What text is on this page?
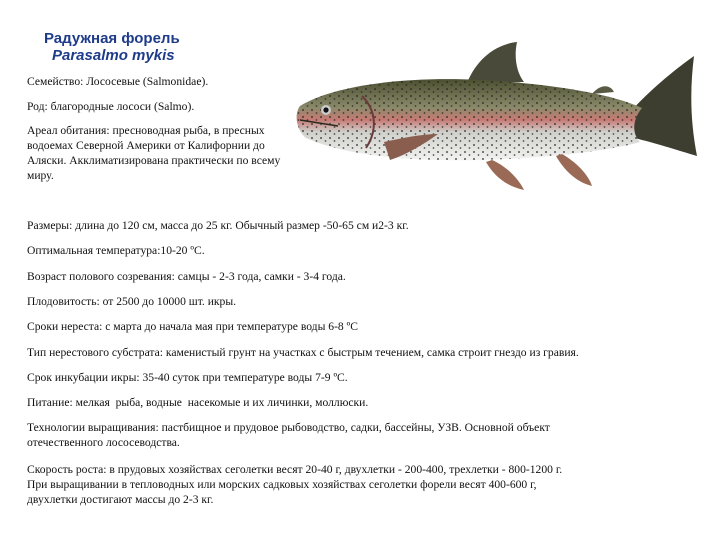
Радужная форель
Parasalmo mykis
Семейство: Лососевые (Salmonidae).
Род: благородные лососи (Salmo).
Ареал обитания: пресноводная рыба, в пресных водоемах Северной Америки от Калифорнии до Аляски. Акклиматизирована практически по всему миру.
Размеры: длина до 120 см, масса до 25 кг. Обычный размер -50-65 см и2-3 кг.
Оптимальная температура:10-20 ºС.
Возраст полового созревания: самцы - 2-3 года, самки - 3-4 года.
Плодовитость: от 2500 до 10000 шт. икры.
Сроки нереста: с марта до начала мая при температуре воды 6-8 ºС
Тип нерестового субстрата: каменистый грунт на участках с быстрым течением, самка строит гнездо из гравия.
Срок инкубации икры: 35-40 суток при температуре воды 7-9 ºС.
Питание: мелкая  рыба, водные  насекомые и их личинки, моллюски.
Технологии выращивания: пастбищное и прудовое рыбоводство, садки, бассейны, УЗВ. Основной объект
отечественного лососеводства.
Скорость роста: в прудовых хозяйствах сеголетки весят 20-40 г, двухлетки - 200-400, трехлетки - 800-1200 г.
При выращивании в тепловодных или морских садковых хозяйствах сеголетки форели весят 400-600 г,
двухлетки достигают массы до 2-3 кг.
